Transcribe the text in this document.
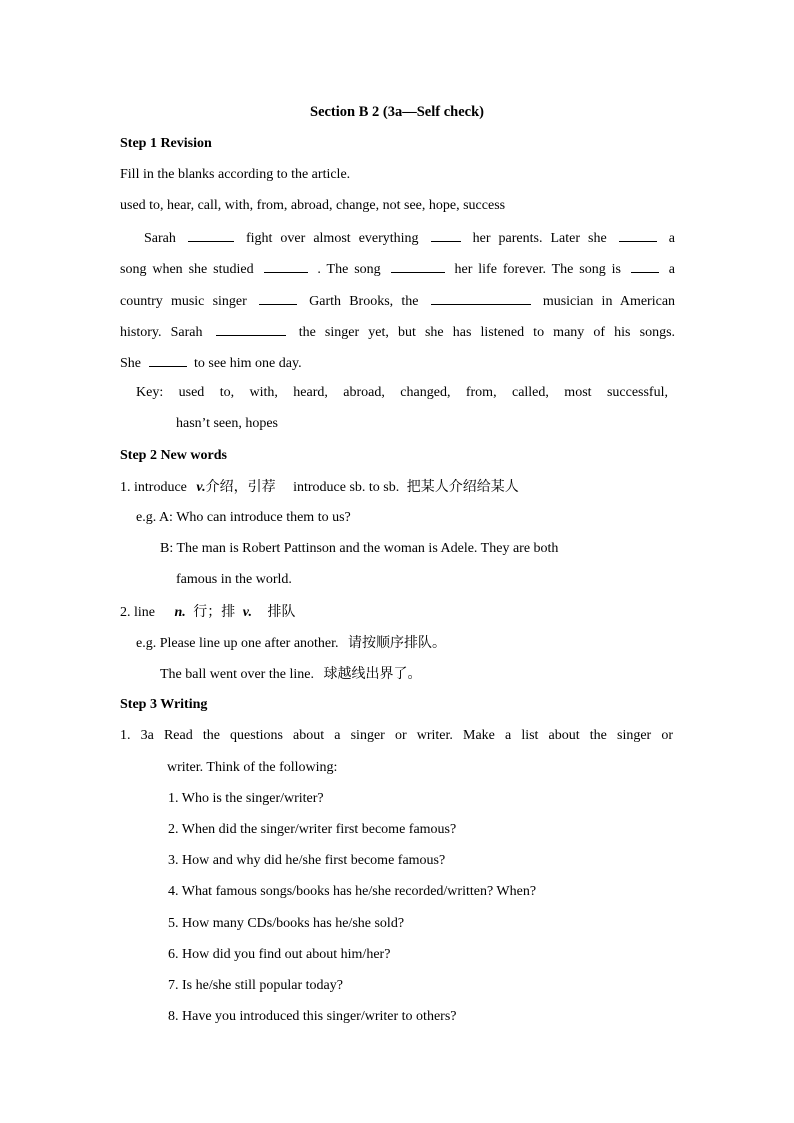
Section B 2 (3a—Self check)
Step 1 Revision
Fill in the blanks according to the article.
used to, hear, call, with, from, abroad, change, not see, hope, success
Sarah	fight over almost everything	her parents. Later she	a
song when she studied	. The song	her life forever. The song is	a
country music singer	Garth Brooks, the	musician in American
history. Sarah	the singer yet, but she has listened to many of his songs.
She	to see him one day.
Key: used to, with, heard, abroad, changed, from, called, most successful,
hasn’t seen, hopes
Step 2 New words
1. introduce v.介绍，引荐 introduce sb. to sb. 把某人介绍给某人
e.g. A: Who can introduce them to us?
B: The man is Robert Pattinson and the woman is Adele. They are both
famous in the world.
2. line n. 行；排 v. 排队
e.g. Please line up one after another. 请按顺序排队。
The ball went over the line. 球越线出界了。
Step 3 Writing
1. 3a Read the questions about a singer or writer. Make a list about the singer or
writer. Think of the following:
1. Who is the singer/writer?
2. When did the singer/writer first become famous?
3. How and why did he/she first become famous?
4. What famous songs/books has he/she recorded/written? When?
5. How many CDs/books has he/she sold?
6. How did you find out about him/her?
7. Is he/she still popular today?
8. Have you introduced this singer/writer to others?
